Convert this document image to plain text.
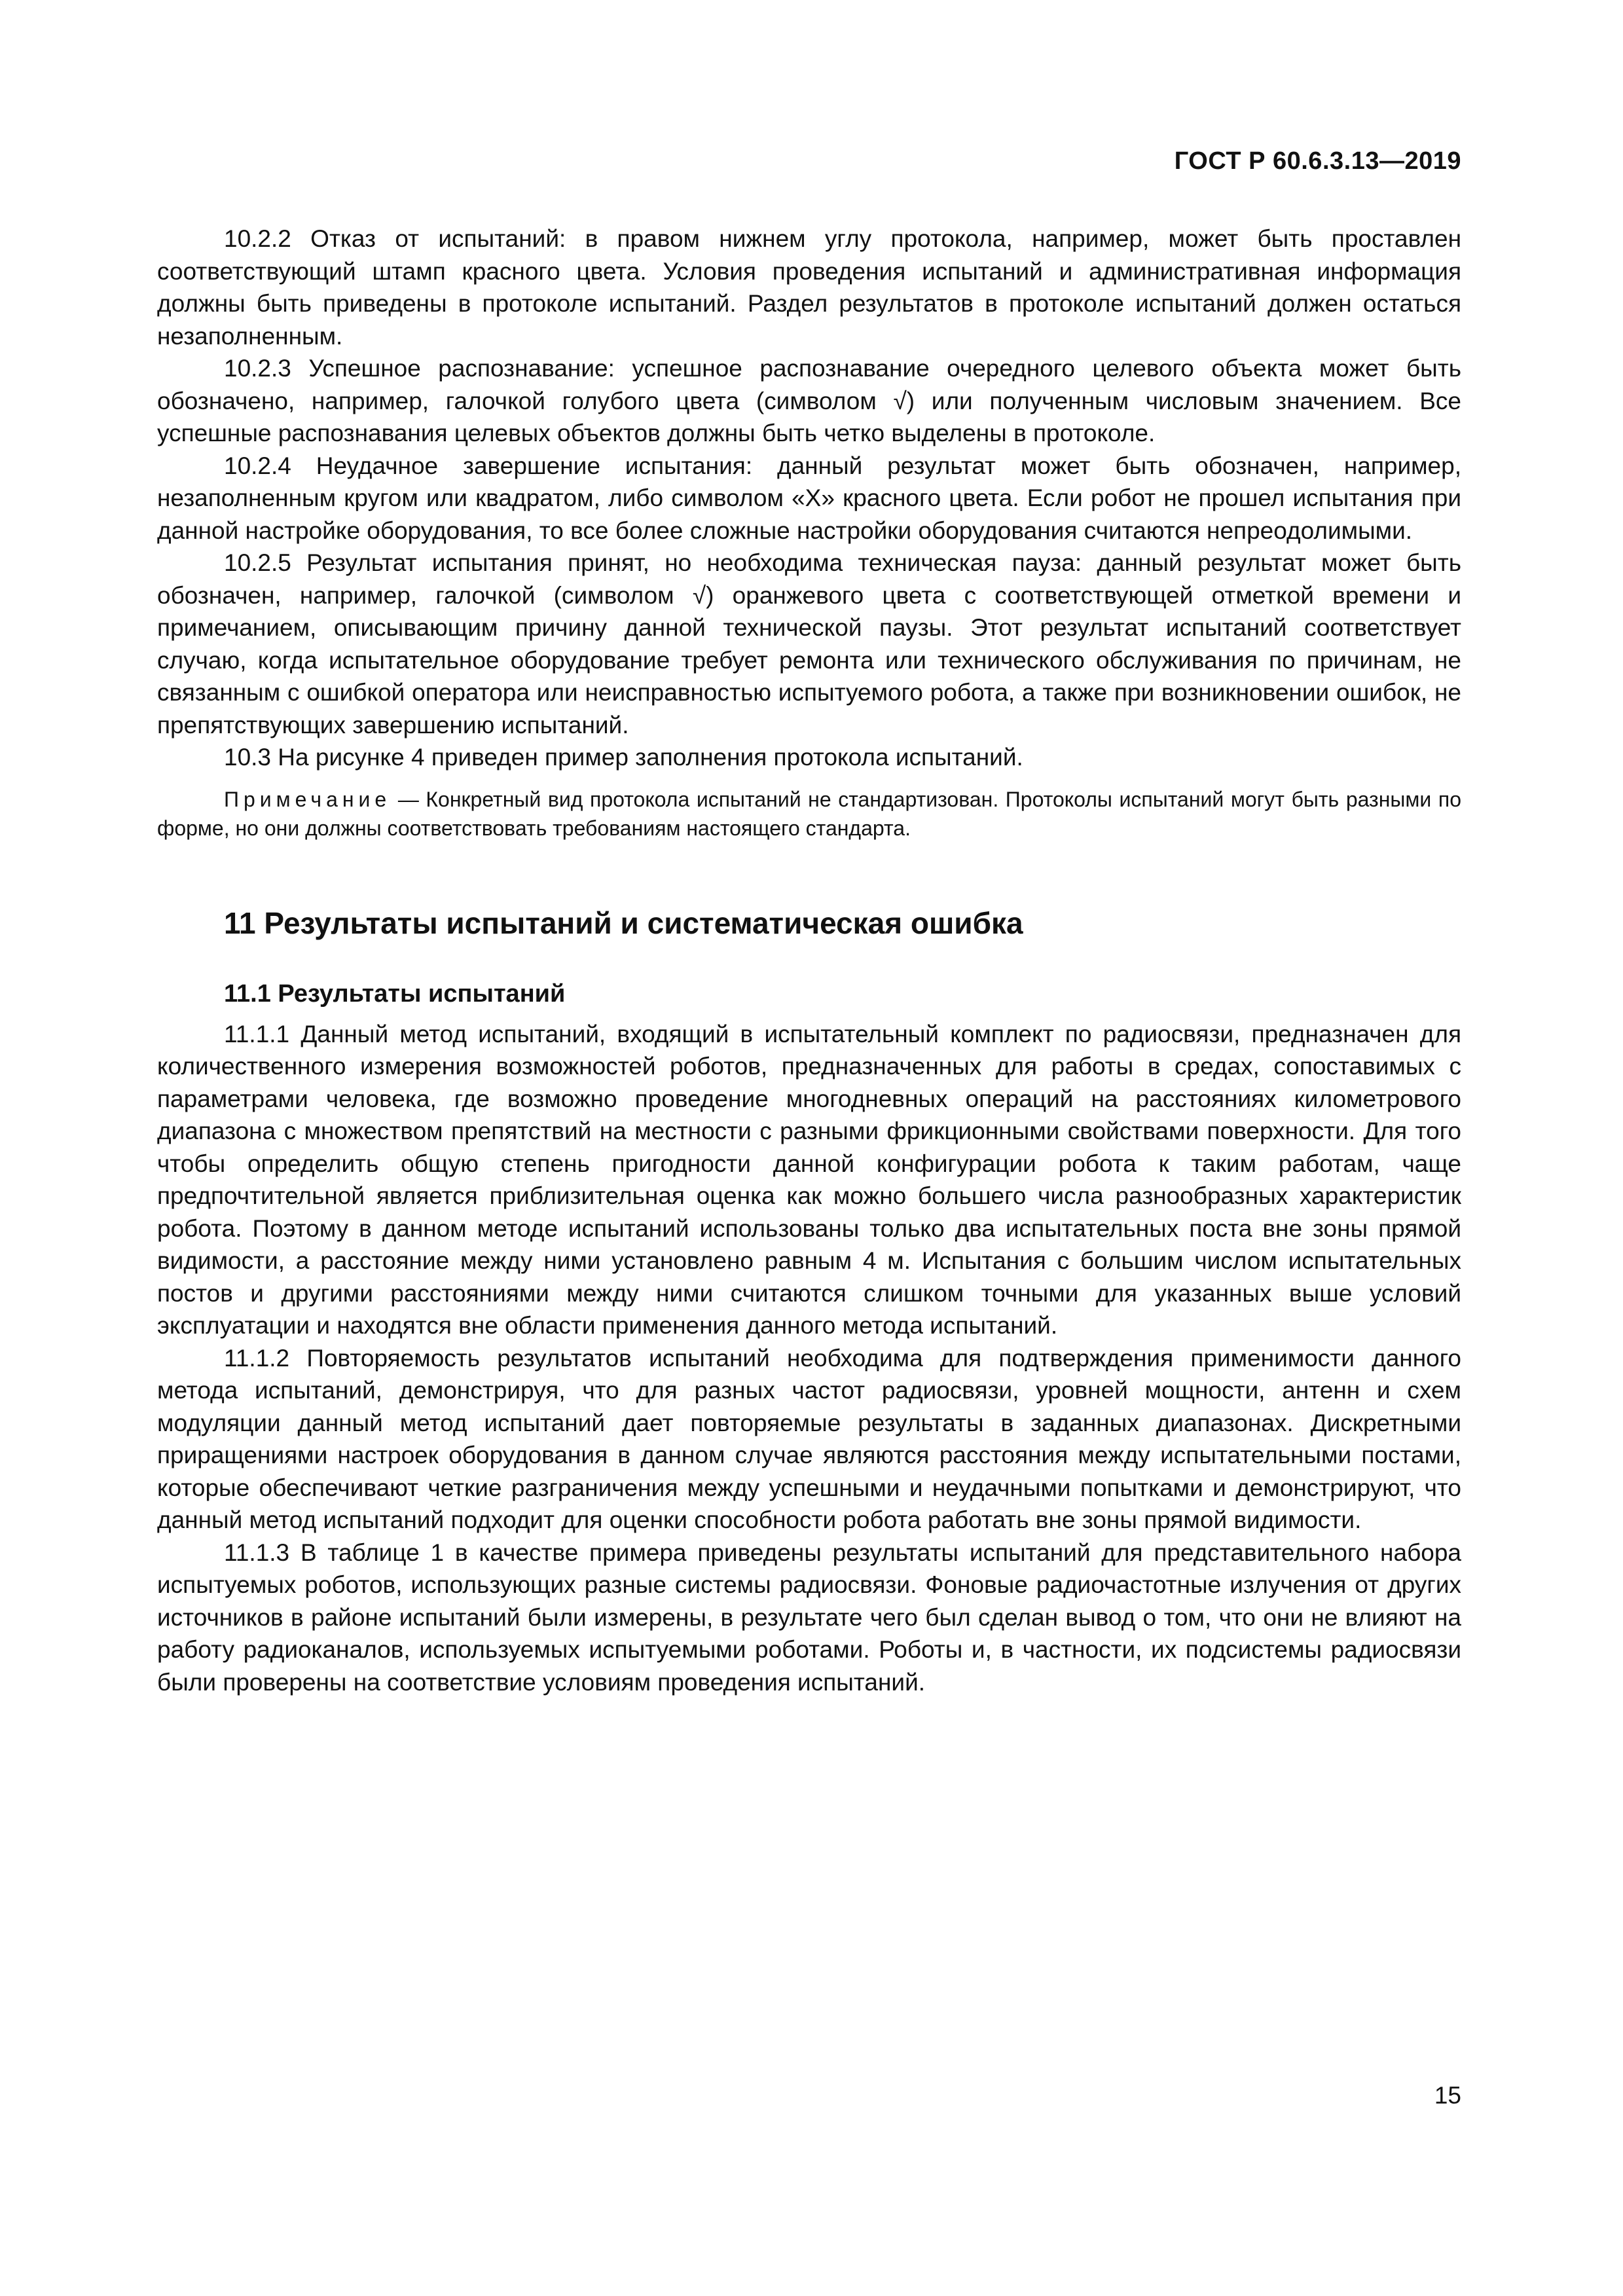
ГОСТ Р 60.6.3.13—2019

10.2.2 Отказ от испытаний: в правом нижнем углу протокола, например, может быть проставлен соответствующий штамп красного цвета. Условия проведения испытаний и административная информация должны быть приведены в протоколе испытаний. Раздел результатов в протоколе испытаний должен остаться незаполненным.

10.2.3 Успешное распознавание: успешное распознавание очередного целевого объекта может быть обозначено, например, галочкой голубого цвета (символом √) или полученным числовым значением. Все успешные распознавания целевых объектов должны быть четко выделены в протоколе.

10.2.4 Неудачное завершение испытания: данный результат может быть обозначен, например, незаполненным кругом или квадратом, либо символом «Х» красного цвета. Если робот не прошел испытания при данной настройке оборудования, то все более сложные настройки оборудования считаются непреодолимыми.

10.2.5 Результат испытания принят, но необходима техническая пауза: данный результат может быть обозначен, например, галочкой (символом √) оранжевого цвета с соответствующей отметкой времени и примечанием, описывающим причину данной технической паузы. Этот результат испытаний соответствует случаю, когда испытательное оборудование требует ремонта или технического обслуживания по причинам, не связанным с ошибкой оператора или неисправностью испытуемого робота, а также при возникновении ошибок, не препятствующих завершению испытаний.

10.3 На рисунке 4 приведен пример заполнения протокола испытаний.

Примечание — Конкретный вид протокола испытаний не стандартизован. Протоколы испытаний могут быть разными по форме, но они должны соответствовать требованиям настоящего стандарта.

11 Результаты испытаний и систематическая ошибка
11.1 Результаты испытаний

11.1.1 Данный метод испытаний, входящий в испытательный комплект по радиосвязи, предназначен для количественного измерения возможностей роботов, предназначенных для работы в средах, сопоставимых с параметрами человека, где возможно проведение многодневных операций на расстояниях километрового диапазона с множеством препятствий на местности с разными фрикционными свойствами поверхности. Для того чтобы определить общую степень пригодности данной конфигурации робота к таким работам, чаще предпочтительной является приблизительная оценка как можно большего числа разнообразных характеристик робота. Поэтому в данном методе испытаний использованы только два испытательных поста вне зоны прямой видимости, а расстояние между ними установлено равным 4 м. Испытания с большим числом испытательных постов и другими расстояниями между ними считаются слишком точными для указанных выше условий эксплуатации и находятся вне области применения данного метода испытаний.

11.1.2 Повторяемость результатов испытаний необходима для подтверждения применимости данного метода испытаний, демонстрируя, что для разных частот радиосвязи, уровней мощности, антенн и схем модуляции данный метод испытаний дает повторяемые результаты в заданных диапазонах. Дискретными приращениями настроек оборудования в данном случае являются расстояния между испытательными постами, которые обеспечивают четкие разграничения между успешными и неудачными попытками и демонстрируют, что данный метод испытаний подходит для оценки способности робота работать вне зоны прямой видимости.

11.1.3 В таблице 1 в качестве примера приведены результаты испытаний для представительного набора испытуемых роботов, использующих разные системы радиосвязи. Фоновые радиочастотные излучения от других источников в районе испытаний были измерены, в результате чего был сделан вывод о том, что они не влияют на работу радиоканалов, используемых испытуемыми роботами. Роботы и, в частности, их подсистемы радиосвязи были проверены на соответствие условиям проведения испытаний.

15
